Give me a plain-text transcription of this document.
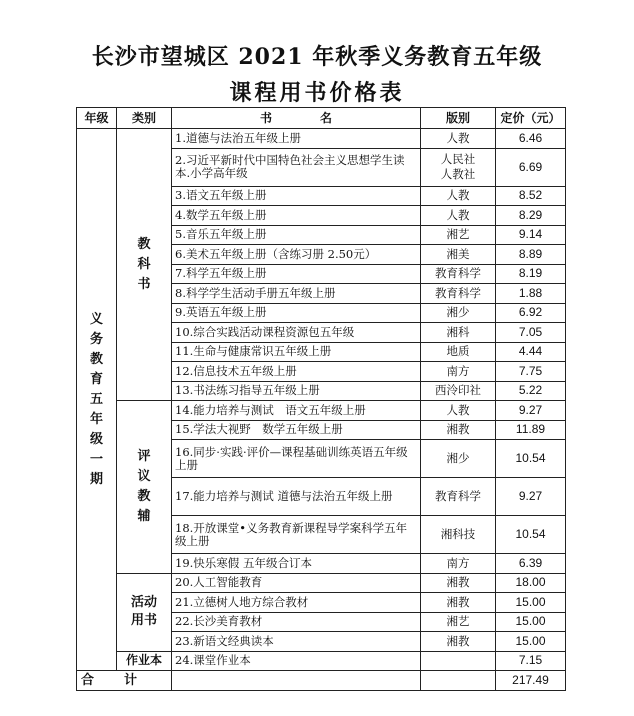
长沙市望城区 2021 年秋季义务教育五年级
课程用书价格表
年级	类别	书　　　　名	版别	定价（元）
义务教育五年级一期	教科书	1.道德与法治五年级上册	人教	6.46
		2.习近平新时代中国特色社会主义思想学生读本.小学高年级	人民社人教社	6.69
		3.语文五年级上册	人教	8.52
		4.数学五年级上册	人教	8.29
		5.音乐五年级上册	湘艺	9.14
		6.美术五年级上册（含练习册 2.50元）	湘美	8.89
		7.科学五年级上册	教育科学	8.19
		8.科学学生活动手册五年级上册	教育科学	1.88
		9.英语五年级上册	湘少	6.92
		10.综合实践活动课程资源包五年级	湘科	7.05
		11.生命与健康常识五年级上册	地质	4.44
		12.信息技术五年级上册	南方	7.75
		13.书法练习指导五年级上册	西泠印社	5.22
	评议教辅	14.能力培养与测试　语文五年级上册	人教	9.27
		15.学法大视野　数学五年级上册	湘教	11.89
		16.同步·实践·评价—课程基础训练英语五年级上册	湘少	10.54
		17.能力培养与测试 道德与法治五年级上册	教育科学	9.27
		18.开放课堂•义务教育新课程导学案科学五年级上册	湘科技	10.54
		19.快乐寒假 五年级合订本	南方	6.39
	活动用书	20.人工智能教育	湘教	18.00
		21.立德树人地方综合教材	湘教	15.00
		22.长沙美育教材	湘艺	15.00
		23.新语文经典读本	湘教	15.00
	作业本	24.课堂作业本		7.15
合计				217.49
